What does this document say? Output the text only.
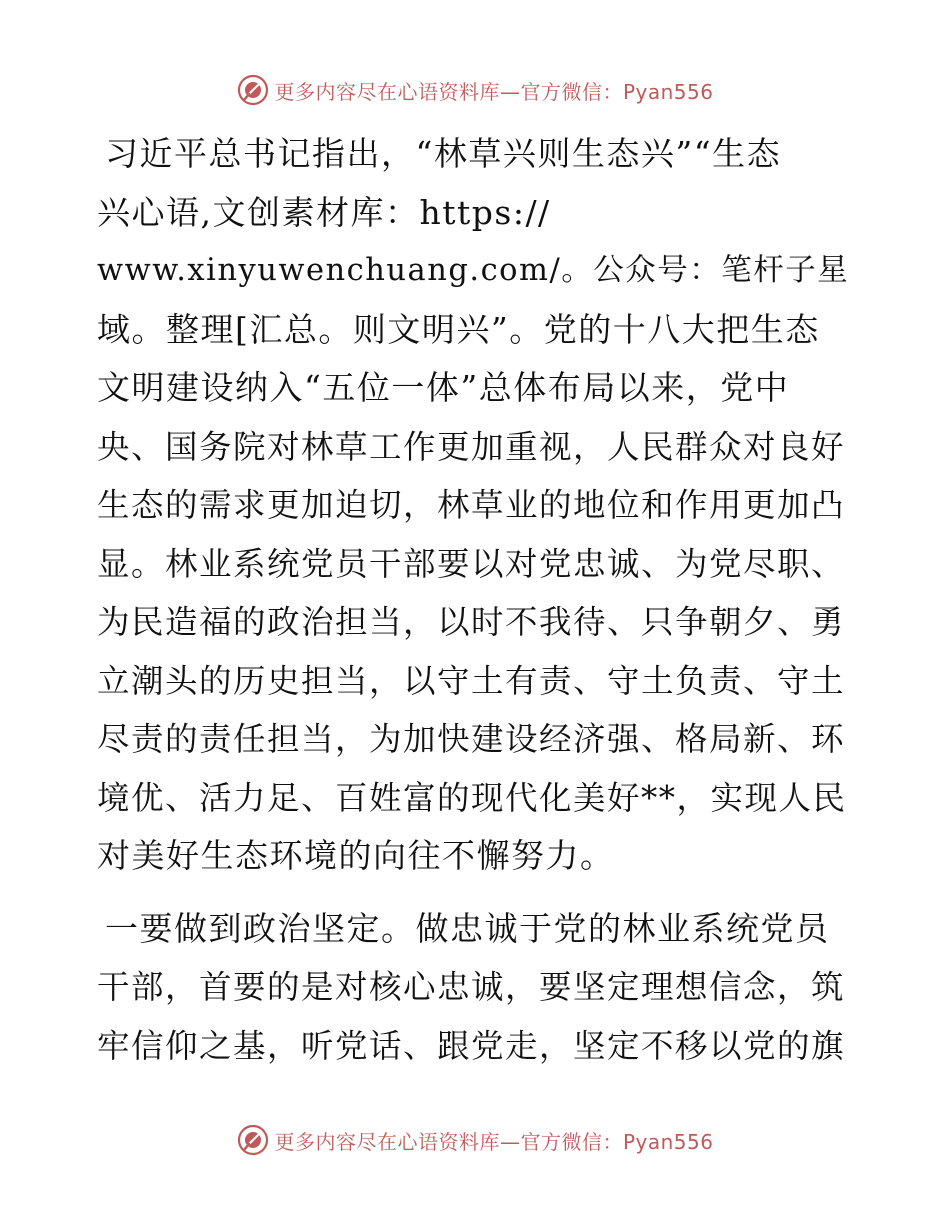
更多内容尽在心语资料库—官方微信：Pyan556
习近平总书记指出，“林草兴则生态兴”“生态
兴心语,文创素材库：https://
www.xinyuwenchuang.com/。公众号：笔杆子星
域。整理[汇总。则文明兴”。党的十八大把生态
文明建设纳入“五位一体”总体布局以来，党中
央、国务院对林草工作更加重视，人民群众对良好
生态的需求更加迫切，林草业的地位和作用更加凸
显。林业系统党员干部要以对党忠诚、为党尽职、
为民造福的政治担当，以时不我待、只争朝夕、勇
立潮头的历史担当，以守土有责、守土负责、守土
尽责的责任担当，为加快建设经济强、格局新、环
境优、活力足、百姓富的现代化美好**，实现人民
对美好生态环境的向往不懈努力。
一要做到政治坚定。做忠诚于党的林业系统党员
干部，首要的是对核心忠诚，要坚定理想信念，筑
牢信仰之基，听党话、跟党走，坚定不移以党的旗
更多内容尽在心语资料库—官方微信：Pyan556
